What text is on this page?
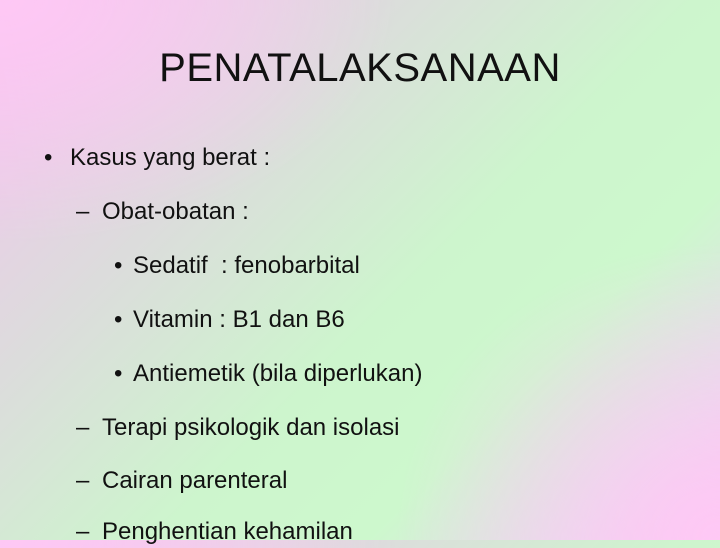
PENATALAKSANAAN
• Kasus yang berat :
– Obat-obatan :
• Sedatif  : fenobarbital
• Vitamin : B1 dan B6
• Antiemetik (bila diperlukan)
– Terapi psikologik dan isolasi
– Cairan parenteral
– Penghentian kehamilan
